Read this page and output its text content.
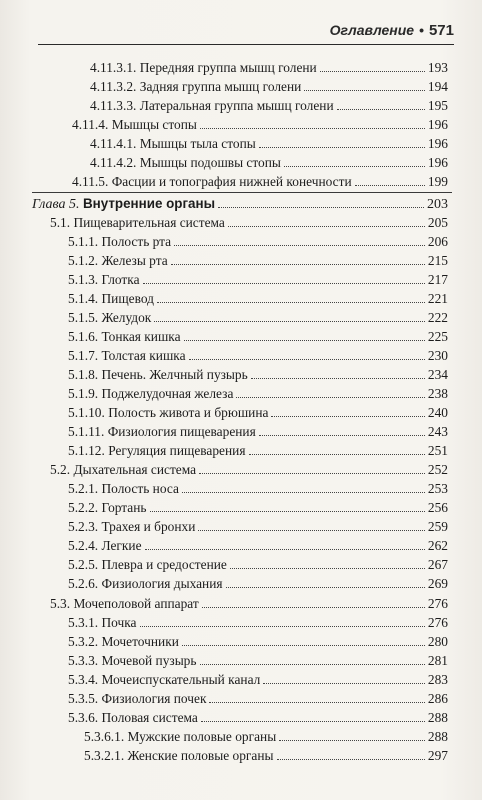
Оглавление • 571
4.11.3.1. Передняя группа мышц голени	193
4.11.3.2. Задняя группа мышц голени	194
4.11.3.3. Латеральная группа мышц голени	195
4.11.4. Мышцы стопы	196
4.11.4.1. Мышцы тыла стопы	196
4.11.4.2. Мышцы подошвы стопы	196
4.11.5. Фасции и топография нижней конечности	199
Глава 5. Внутренние органы	203
5.1. Пищеварительная система	205
5.1.1. Полость рта	206
5.1.2. Железы рта	215
5.1.3. Глотка	217
5.1.4. Пищевод	221
5.1.5. Желудок	222
5.1.6. Тонкая кишка	225
5.1.7. Толстая кишка	230
5.1.8. Печень. Желчный пузырь	234
5.1.9. Поджелудочная железа	238
5.1.10. Полость живота и брюшина	240
5.1.11. Физиология пищеварения	243
5.1.12. Регуляция пищеварения	251
5.2. Дыхательная система	252
5.2.1. Полость носа	253
5.2.2. Гортань	256
5.2.3. Трахея и бронхи	259
5.2.4. Легкие	262
5.2.5. Плевра и средостение	267
5.2.6. Физиология дыхания	269
5.3. Мочеполовой аппарат	276
5.3.1. Почка	276
5.3.2. Мочеточники	280
5.3.3. Мочевой пузырь	281
5.3.4. Мочеиспускательный канал	283
5.3.5. Физиология почек	286
5.3.6. Половая система	288
5.3.6.1. Мужские половые органы	288
5.3.2.1. Женские половые органы	297
